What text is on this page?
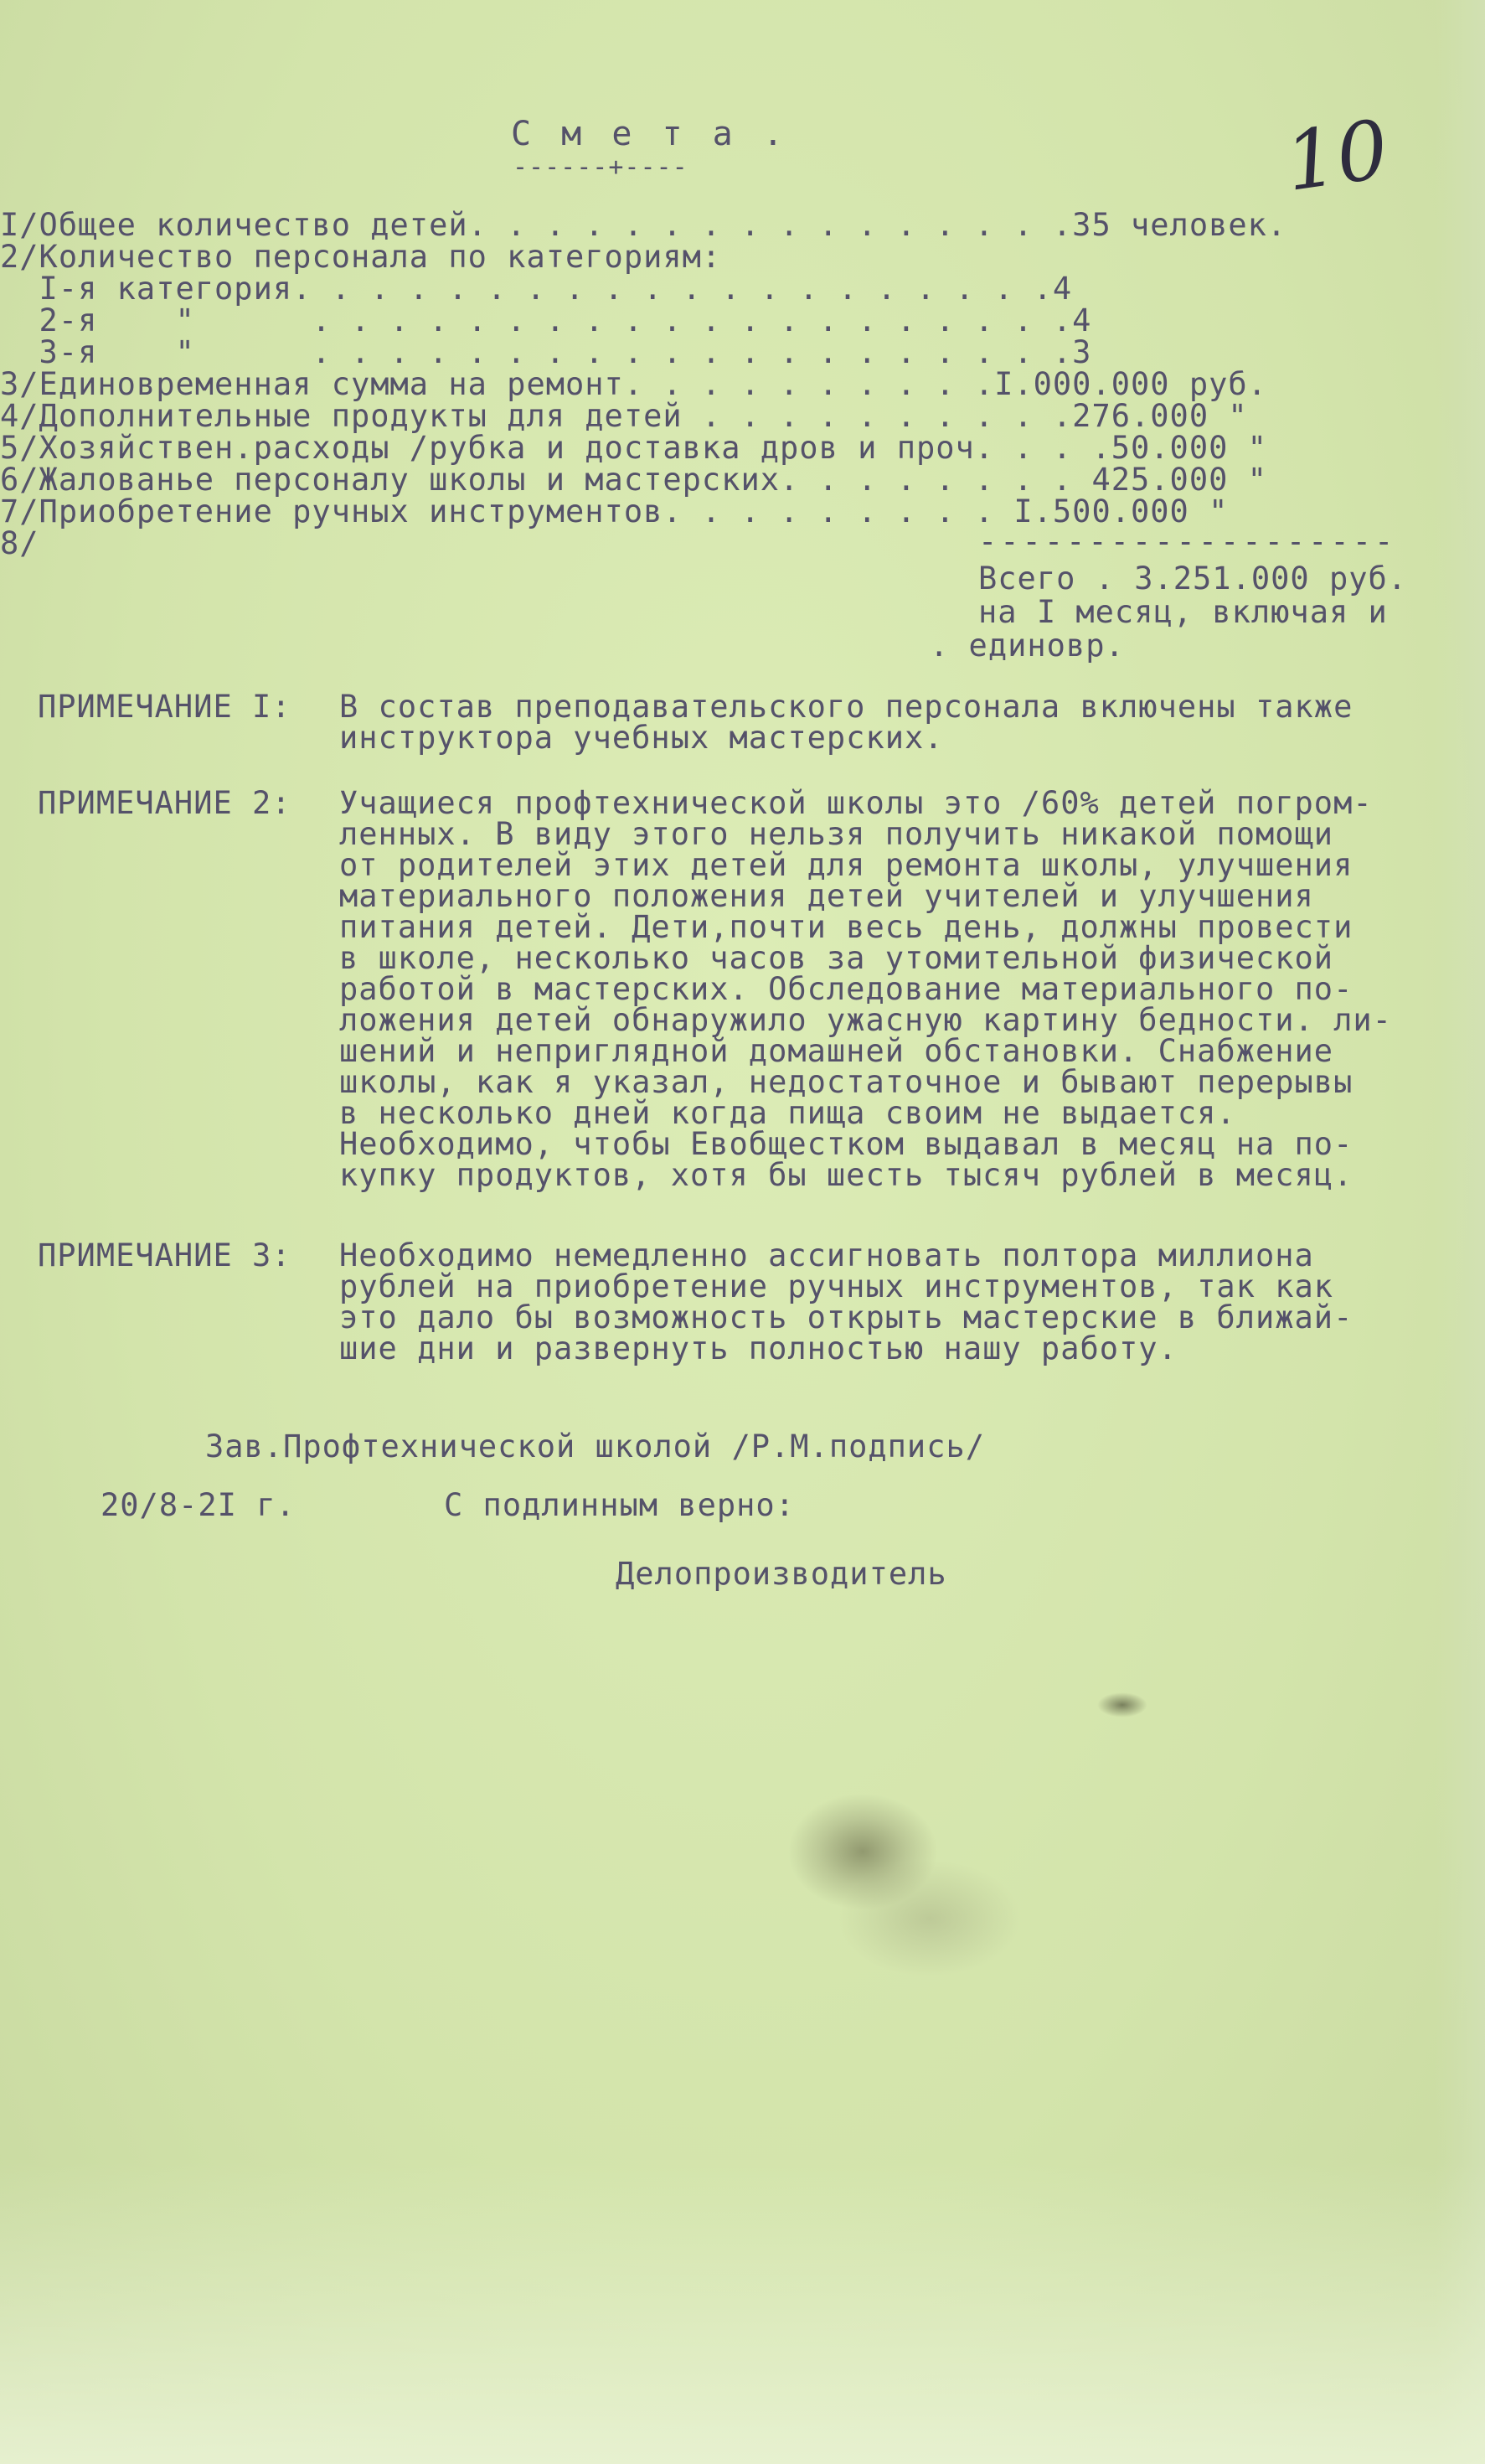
10
С м е т а .
------+----
I/Общее количество детей. . . . . . . . . . . . . . . .35 человек.
2/Количество персонала по категориям:
I-я категория. . . . . . . . . . . . . . . . . . . .4
2-я    "      . . . . . . . . . . . . . . . . . . . .4
3-я    "      . . . . . . . . . . . . . . . . . . . .3
3/Единовременная сумма на ремонт. . . . . . . . . .I.000.000 руб.
4/Дополнительные продукты для детей . . . . . . . . . .276.000 "
5/Хозяйствен.расходы /рубка и доставка дров и проч. . . .50.000 "
6/Жалованье персоналу школы и мастерских. . . . . . . . 425.000 "
7/Приобретение ручных инструментов. . . . . . . . . I.500.000 "
8/	-------------------
Всего . 3.251.000 руб.
на I месяц, включая и
. единовр.
ПРИМЕЧАНИЕ I: В состав преподавательского персонала включены также
инструктора учебных мастерских.
ПРИМЕЧАНИЕ 2: Учащиеся профтехнической школы это /60% детей погром-
ленных. В виду этого нельзя получить никакой помощи
от родителей этих детей для ремонта школы, улучшения
материального положения детей учителей и улучшения
питания детей. Дети,почти весь день, должны провести
в школе, несколько часов за утомительной физической
работой в мастерских. Обследование материального по-
ложения детей обнаружило ужасную картину бедности. ли-
шений и неприглядной домашней обстановки. Снабжение
школы, как я указал, недостаточное и бывают перерывы
в несколько дней когда пища своим не выдается.
Необходимо, чтобы Евобщестком выдавал в месяц на по-
купку продуктов, хотя бы шесть тысяч рублей в месяц.
ПРИМЕЧАНИЕ 3: Необходимо немедленно ассигновать полтора миллиона
рублей на приобретение ручных инструментов, так как
это дало бы возможность открыть мастерские в ближай-
шие дни и развернуть полностью нашу работу.
Зав.Профтехнической школой /Р.М.подпись/
20/8-2I г.	С подлинным верно:
Делопроизводитель
